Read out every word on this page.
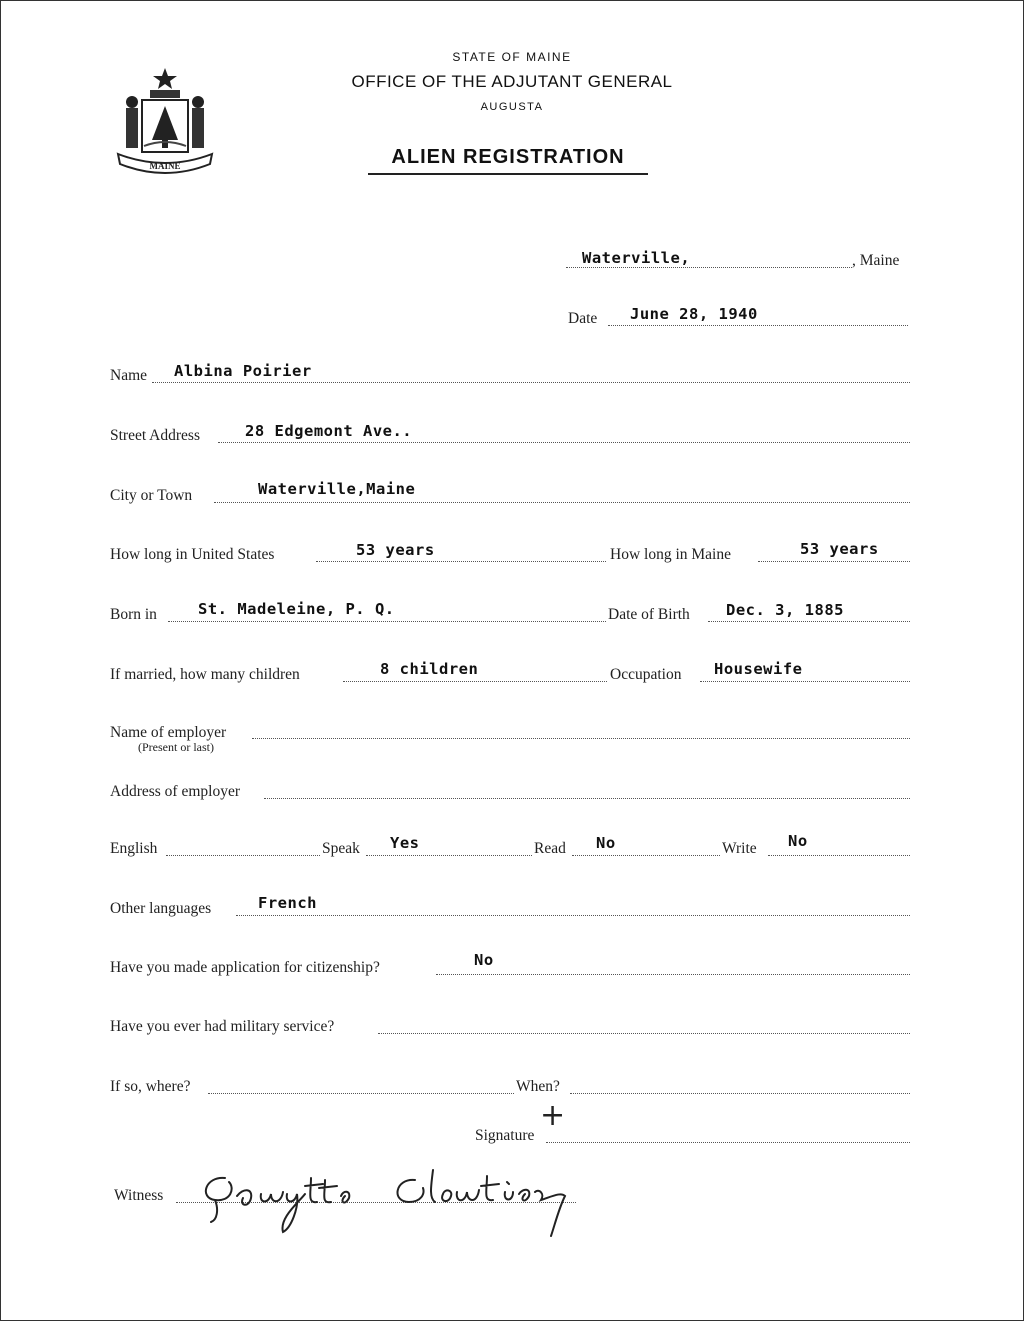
MAINE
STATE OF MAINE
OFFICE OF THE ADJUTANT GENERAL
AUGUSTA
ALIEN REGISTRATION
Waterville,	, Maine
Date June 28, 1940
Name Albina Poirier
Street Address	28 Edgemont Ave..
City or Town	Waterville,Maine
How long in United States	53 years	How long in Maine	53 years
Born in	St. Madeleine, P. Q.	Date of Birth Dec. 3, 1885
If married, how many children	8 children	Occupation Housewife
Name of employer
(Present or last)
Address of employer
English	Speak Yes	Read No	Write No
Other languages	French
Have you made application for citizenship?	No
Have you ever had military service?
If so, where?	When?
Signature
+
Witness
